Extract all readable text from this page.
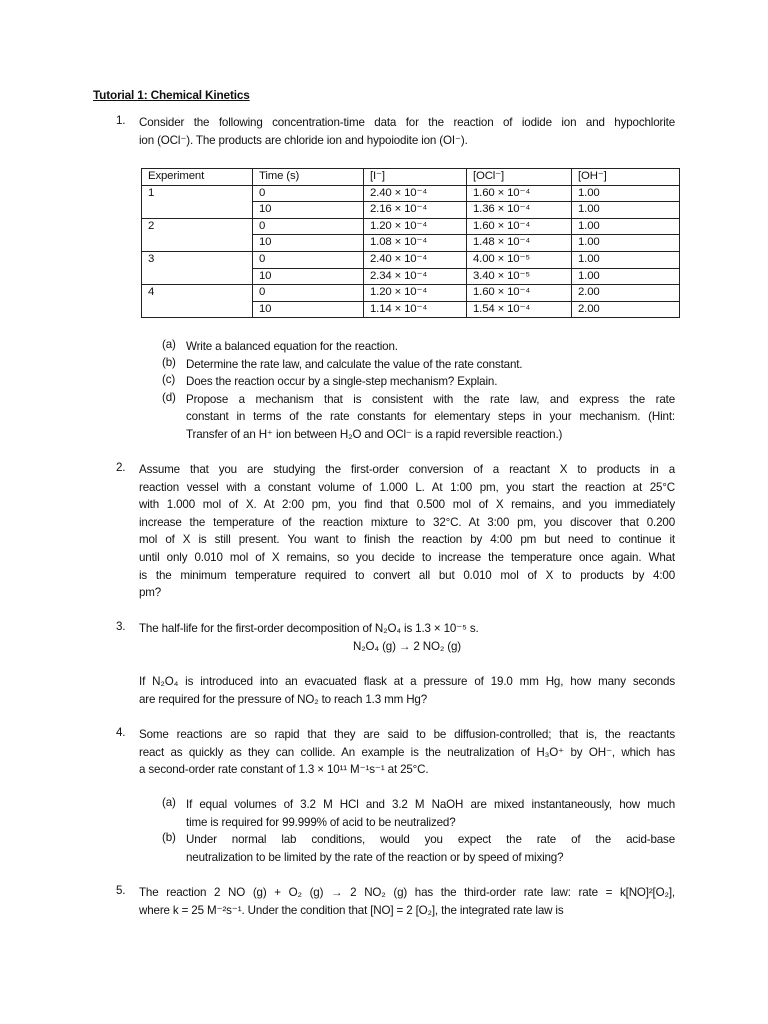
Tutorial 1: Chemical Kinetics
1. Consider the following concentration-time data for the reaction of iodide ion and hypochlorite
ion (OCl⁻). The products are chloride ion and hypoiodite ion (OI⁻).
Experiment	Time (s)	[I⁻]	[OCl⁻]	[OH⁻]
1	0	2.40 × 10⁻⁴	1.60 × 10⁻⁴	1.00
	10	2.16 × 10⁻⁴	1.36 × 10⁻⁴	1.00
2	0	1.20 × 10⁻⁴	1.60 × 10⁻⁴	1.00
	10	1.08 × 10⁻⁴	1.48 × 10⁻⁴	1.00
3	0	2.40 × 10⁻⁴	4.00 × 10⁻⁵	1.00
	10	2.34 × 10⁻⁴	3.40 × 10⁻⁵	1.00
4	0	1.20 × 10⁻⁴	1.60 × 10⁻⁴	2.00
	10	1.14 × 10⁻⁴	1.54 × 10⁻⁴	2.00
(a) Write a balanced equation for the reaction.
(b) Determine the rate law, and calculate the value of the rate constant.
(c) Does the reaction occur by a single-step mechanism? Explain.
(d) Propose a mechanism that is consistent with the rate law, and express the rate
constant in terms of the rate constants for elementary steps in your mechanism. (Hint:
Transfer of an H⁺ ion between H₂O and OCl⁻ is a rapid reversible reaction.)
2. Assume that you are studying the first-order conversion of a reactant X to products in a
reaction vessel with a constant volume of 1.000 L. At 1:00 pm, you start the reaction at 25°C
with 1.000 mol of X. At 2:00 pm, you find that 0.500 mol of X remains, and you immediately
increase the temperature of the reaction mixture to 32°C. At 3:00 pm, you discover that 0.200
mol of X is still present. You want to finish the reaction by 4:00 pm but need to continue it
until only 0.010 mol of X remains, so you decide to increase the temperature once again. What
is the minimum temperature required to convert all but 0.010 mol of X to products by 4:00
pm?
3. The half-life for the first-order decomposition of N₂O₄ is 1.3 × 10⁻⁵ s.
N₂O₄ (g) → 2 NO₂ (g)
If N₂O₄ is introduced into an evacuated flask at a pressure of 19.0 mm Hg, how many seconds
are required for the pressure of NO₂ to reach 1.3 mm Hg?
4. Some reactions are so rapid that they are said to be diffusion-controlled; that is, the reactants
react as quickly as they can collide. An example is the neutralization of H₃O⁺ by OH⁻, which has
a second-order rate constant of 1.3 × 10¹¹ M⁻¹s⁻¹ at 25°C.
(a) If equal volumes of 3.2 M HCl and 3.2 M NaOH are mixed instantaneously, how much
time is required for 99.999% of acid to be neutralized?
(b) Under normal lab conditions, would you expect the rate of the acid-base
neutralization to be limited by the rate of the reaction or by speed of mixing?
5. The reaction 2 NO (g) + O₂ (g) → 2 NO₂ (g) has the third-order rate law: rate = k[NO]²[O₂],
where k = 25 M⁻²s⁻¹. Under the condition that [NO] = 2 [O₂], the integrated rate law is
